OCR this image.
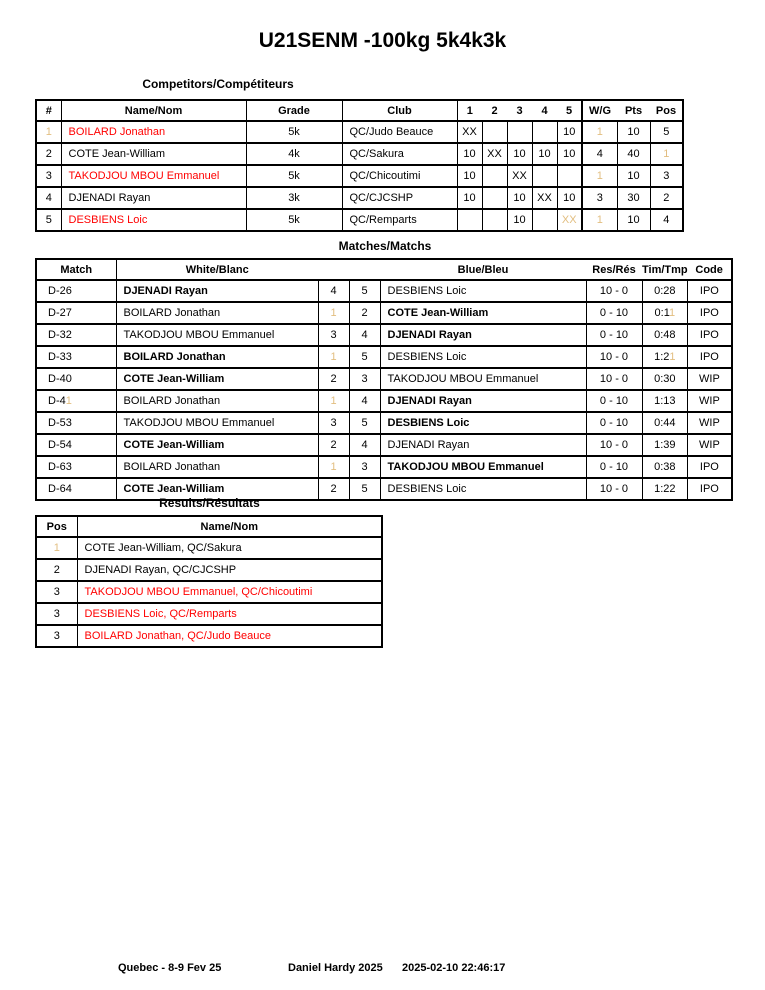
U21SENM -100kg 5k4k3k
Competitors/Compétiteurs
#	Name/Nom	Grade	Club	1	2	3	4	5	W/G	Pts	Pos
1	BOILARD Jonathan	5k	QC/Judo Beauce	XX				10	1	10	5
2	COTE Jean-William	4k	QC/Sakura	10	XX	10	10	10	4	40	1
3	TAKODJOU MBOU Emmanuel	5k	QC/Chicoutimi	10		XX			1	10	3
4	DJENADI Rayan	3k	QC/CJCSHP	10		10	XX	10	3	30	2
5	DESBIENS Loic	5k	QC/Remparts			10		XX	1	10	4
Matches/Matchs
Match	White/Blanc			Blue/Bleu	Res/Rés	Tim/Tmp	Code
D-26	DJENADI Rayan	4	5	DESBIENS Loic	10 - 0	0:28	IPO
D-27	BOILARD Jonathan	1	2	COTE Jean-William	0 - 10	0:11	IPO
D-32	TAKODJOU MBOU Emmanuel	3	4	DJENADI Rayan	0 - 10	0:48	IPO
D-33	BOILARD Jonathan	1	5	DESBIENS Loic	10 - 0	1:21	IPO
D-40	COTE Jean-William	2	3	TAKODJOU MBOU Emmanuel	10 - 0	0:30	WIP
D-41	BOILARD Jonathan	1	4	DJENADI Rayan	0 - 10	1:13	WIP
D-53	TAKODJOU MBOU Emmanuel	3	5	DESBIENS Loic	0 - 10	0:44	WIP
D-54	COTE Jean-William	2	4	DJENADI Rayan	10 - 0	1:39	WIP
D-63	BOILARD Jonathan	1	3	TAKODJOU MBOU Emmanuel	0 - 10	0:38	IPO
D-64	COTE Jean-William	2	5	DESBIENS Loic	10 - 0	1:22	IPO
Results/Résultats
Pos	Name/Nom
1	COTE Jean-William, QC/Sakura
2	DJENADI Rayan, QC/CJCSHP
3	TAKODJOU MBOU Emmanuel, QC/Chicoutimi
3	DESBIENS Loic, QC/Remparts
3	BOILARD Jonathan, QC/Judo Beauce
Quebec - 8-9 Fev 25	Daniel Hardy 2025 2025-02-10 22:46:17
